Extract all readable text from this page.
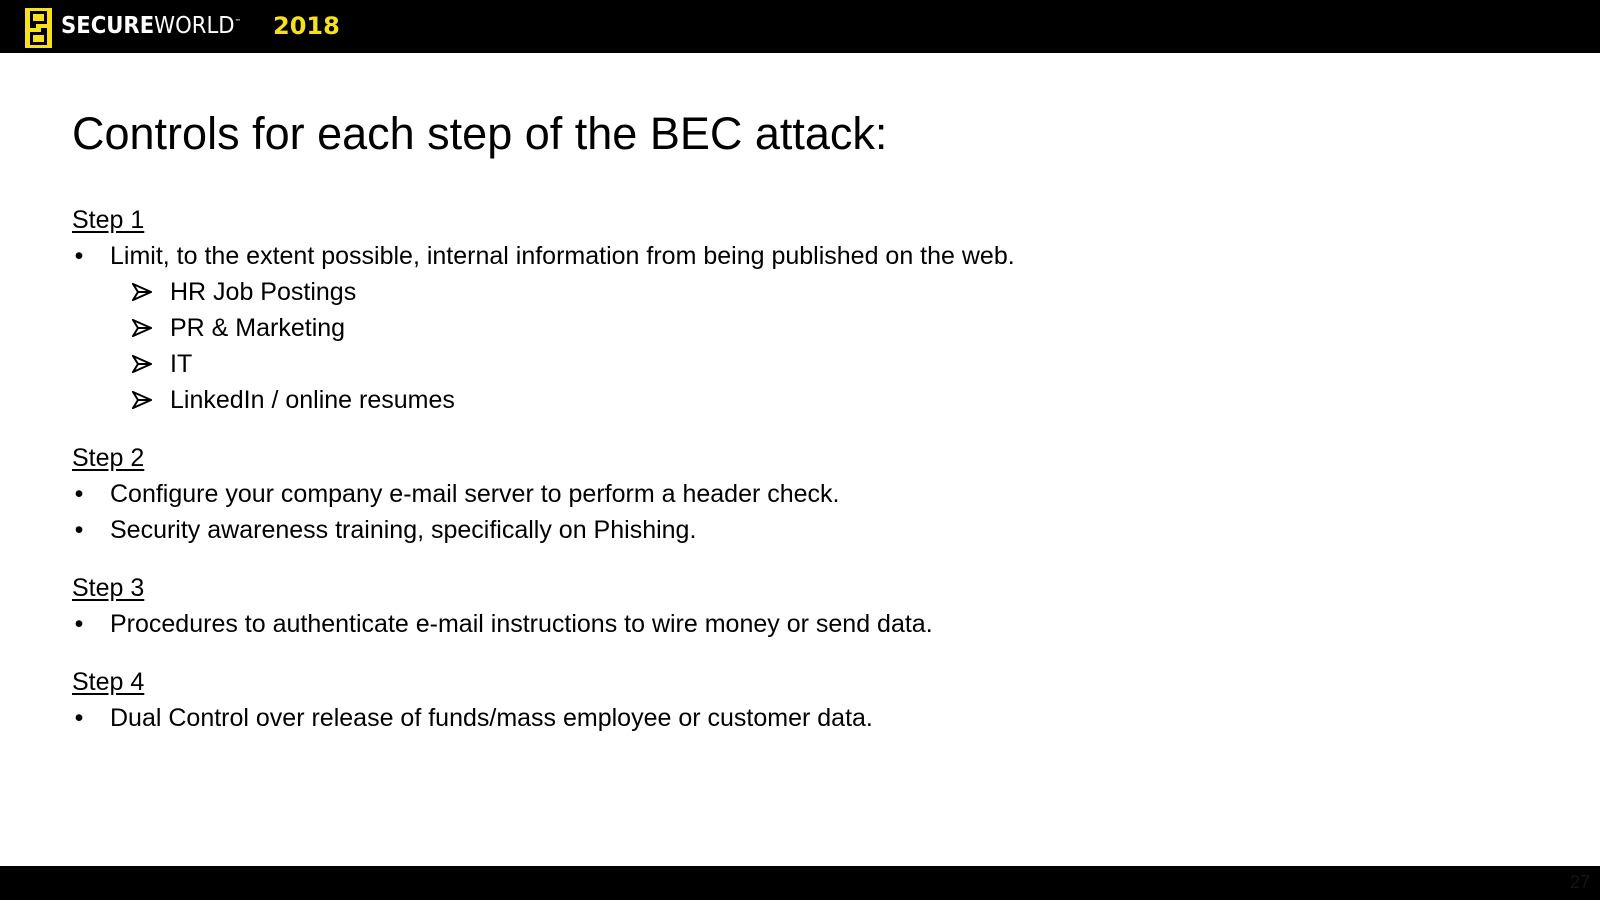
SECUREWORLD™ 2018
Controls for each step of the BEC attack:
Step 1
• Limit, to the extent possible, internal information from being published on the web.
HR Job Postings
PR & Marketing
IT
LinkedIn / online resumes
Step 2
• Configure your company e-mail server to perform a header check.
• Security awareness training, specifically on Phishing.
Step 3
• Procedures to authenticate e-mail instructions to wire money or send data.
Step 4
• Dual Control over release of funds/mass employee or customer data.
27
